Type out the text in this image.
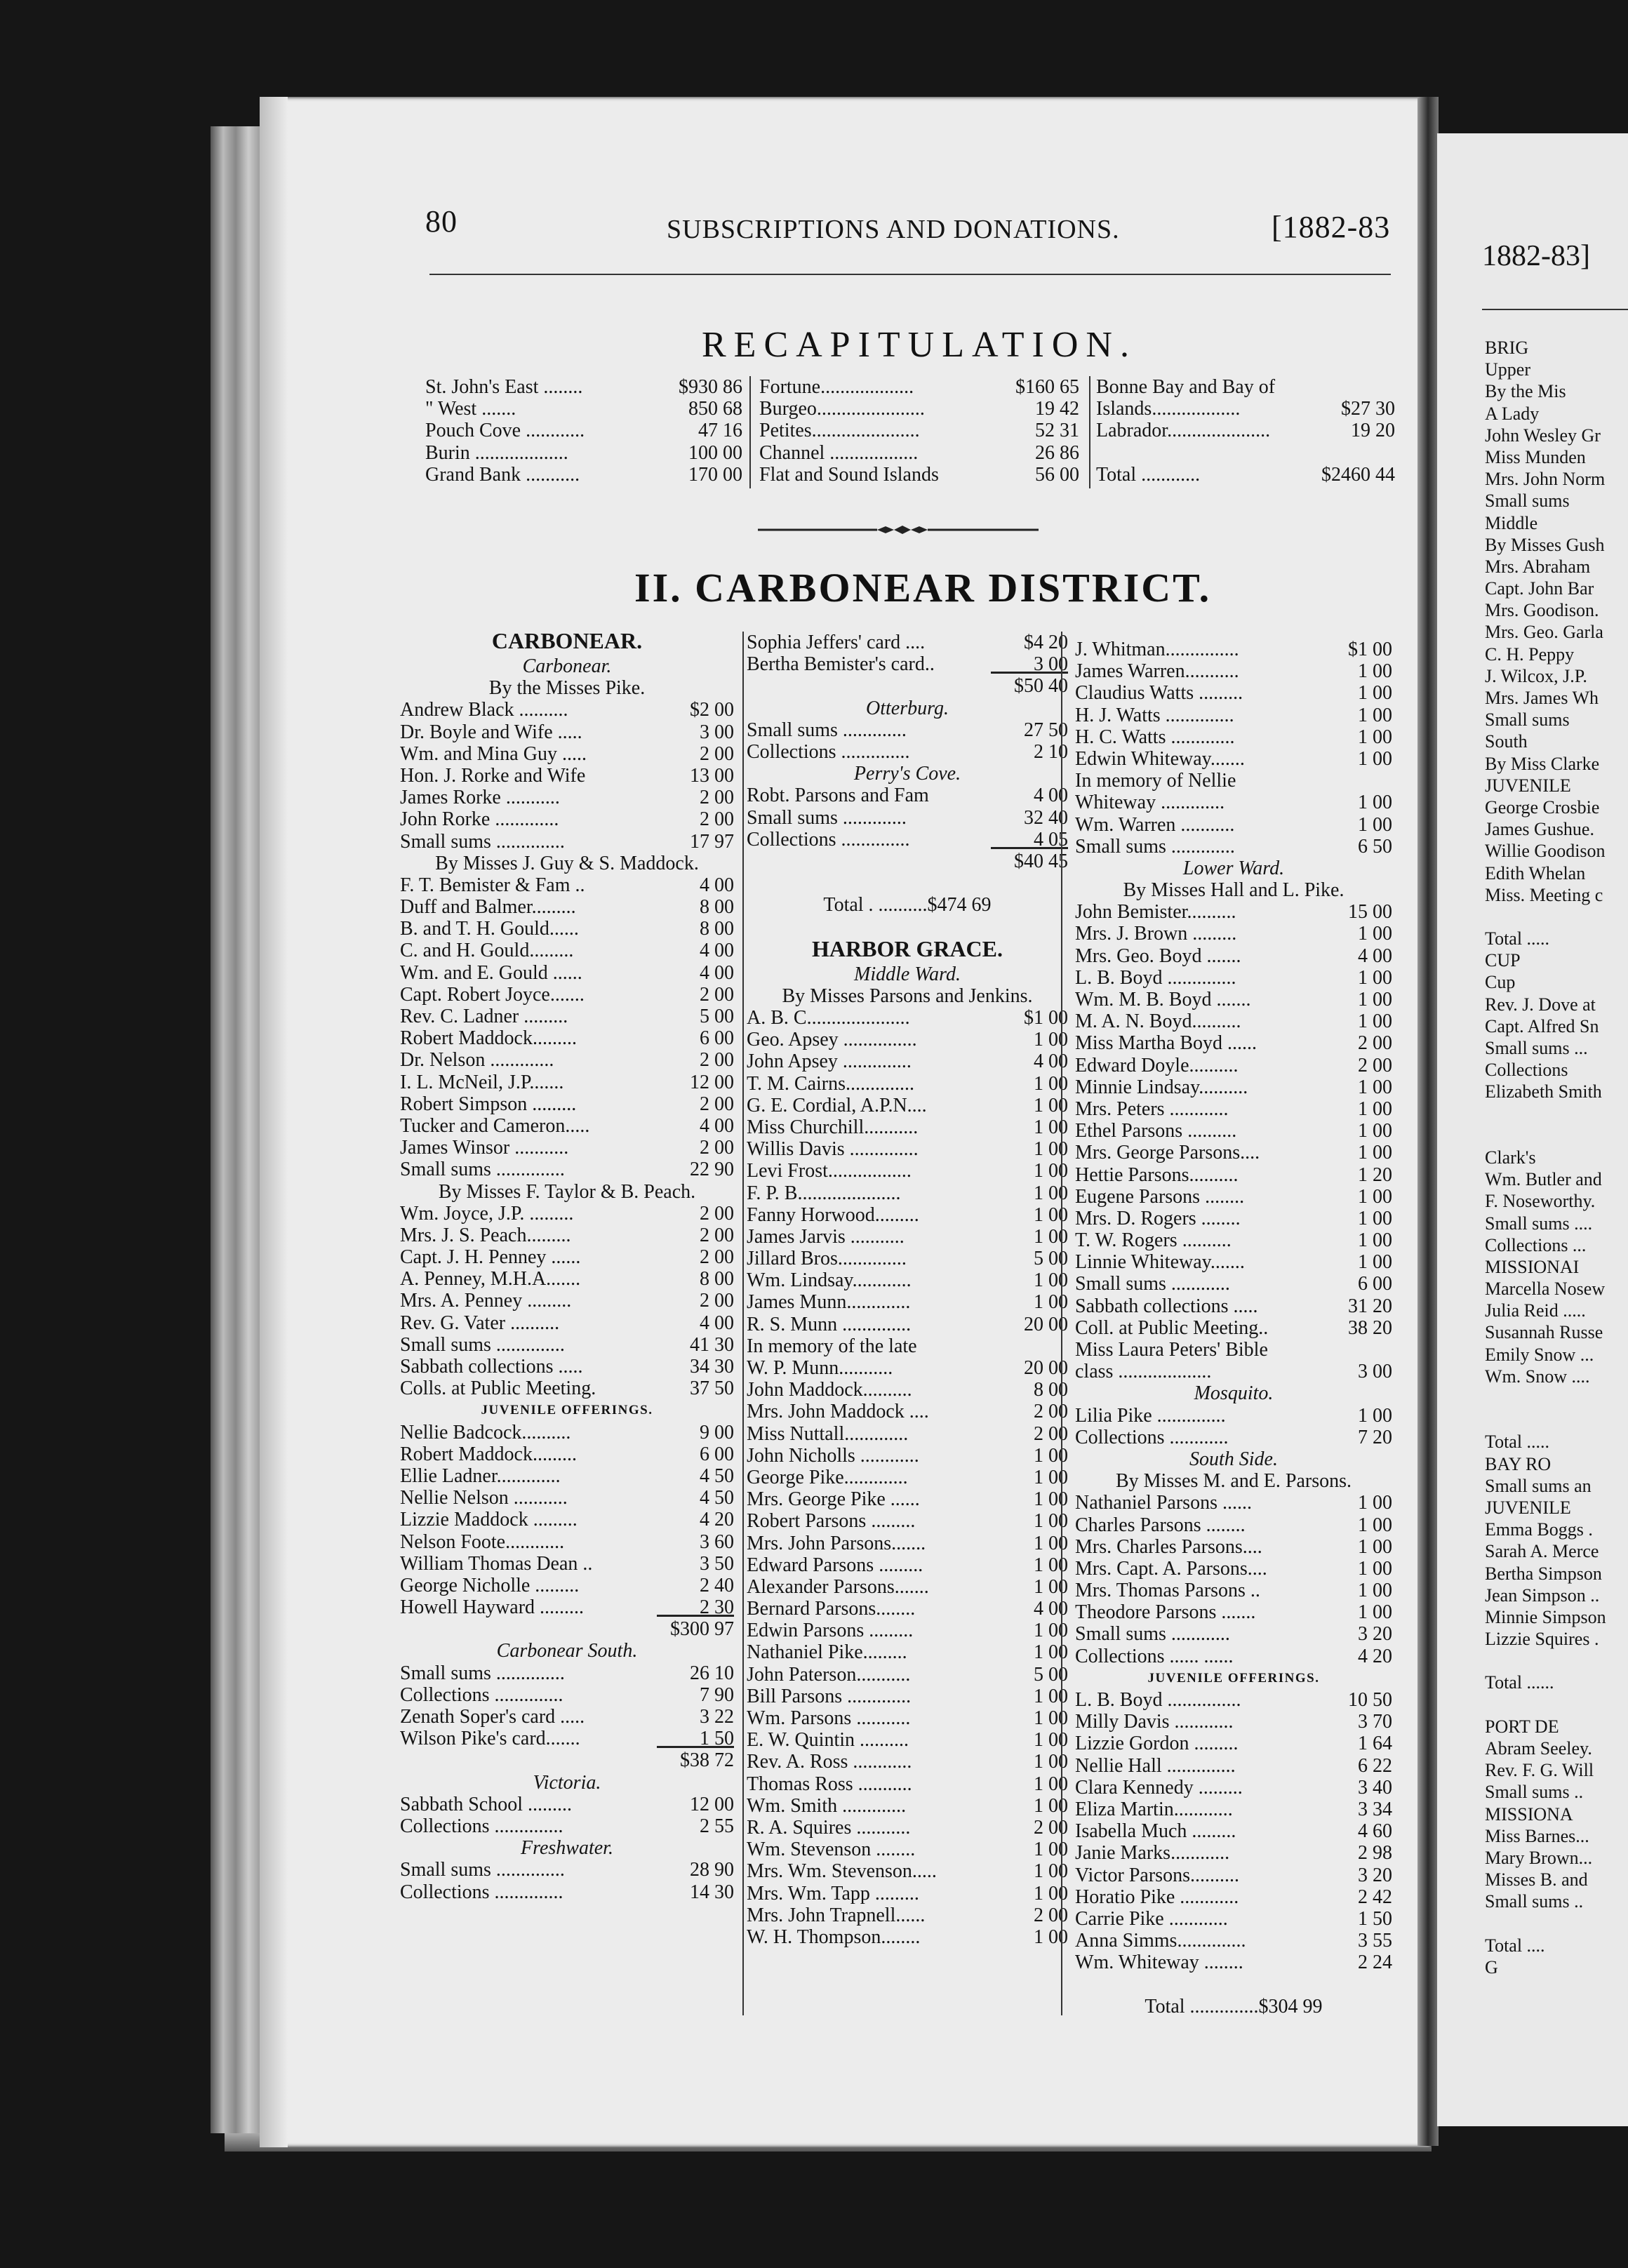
80	SUBSCRIPTIONS AND DONATIONS.	[1882-83
RECAPITULATION.
St. John's East ........	$930 86
" West .......	850 68
Pouch Cove ............	47 16
Burin ...................	100 00
Grand Bank ...........	170 00
Fortune...................	$160 65
Burgeo......................	19 42
Petites......................	52 31
Channel ..................	26 86
Flat and Sound Islands	56 00
Bonne Bay and Bay of
Islands..................	$27 30
Labrador.....................	19 20
Total ............	$2460 44
II. CARBONEAR DISTRICT.
CARBONEAR.
Carbonear.
By the Misses Pike.
Andrew Black ..........	$2 00
Dr. Boyle and Wife .....	3 00
Wm. and Mina Guy .....	2 00
Hon. J. Rorke and Wife	13 00
James Rorke ...........	2 00
John Rorke .............	2 00
Small sums ..............	17 97
By Misses J. Guy & S. Maddock.
F. T. Bemister & Fam ..	4 00
Duff and Balmer.........	8 00
B. and T. H. Gould......	8 00
C. and H. Gould.........	4 00
Wm. and E. Gould ......	4 00
Capt. Robert Joyce.......	2 00
Rev. C. Ladner .........	5 00
Robert Maddock.........	6 00
Dr. Nelson .............	2 00
I. L. McNeil, J.P.......	12 00
Robert Simpson .........	2 00
Tucker and Cameron.....	4 00
James Winsor ...........	2 00
Small sums ..............	22 90
By Misses F. Taylor & B. Peach.
Wm. Joyce, J.P. .........	2 00
Mrs. J. S. Peach.........	2 00
Capt. J. H. Penney ......	2 00
A. Penney, M.H.A.......	8 00
Mrs. A. Penney .........	2 00
Rev. G. Vater ..........	4 00
Small sums ..............	41 30
Sabbath collections .....	34 30
Colls. at Public Meeting.	37 50
JUVENILE OFFERINGS.
Nellie Badcock..........	9 00
Robert Maddock.........	6 00
Ellie Ladner.............	4 50
Nellie Nelson ...........	4 50
Lizzie Maddock .........	4 20
Nelson Foote............	3 60
William Thomas Dean ..	3 50
George Nicholle .........	2 40
Howell Hayward .........	2 30
$300 97
Carbonear South.
Small sums ..............	26 10
Collections ..............	7 90
Zenath Soper's card .....	3 22
Wilson Pike's card.......	1 50
$38 72
Victoria.
Sabbath School .........	12 00
Collections ..............	2 55
Freshwater.
Small sums ..............	28 90
Collections ..............	14 30
Sophia Jeffers' card ....	$4 20
Bertha Bemister's card..	3 00
$50 40
Otterburg.
Small sums .............	27 50
Collections ..............	2 10
Perry's Cove.
Robt. Parsons and Fam	4 00
Small sums .............	32 40
Collections ..............	4 05
$40 45
Total . ..........$474 69
HARBOR GRACE.
Middle Ward.
By Misses Parsons and Jenkins.
A. B. C.....................	$1 00
Geo. Apsey ...............	1 00
John Apsey ..............	4 00
T. M. Cairns..............	1 00
G. E. Cordial, A.P.N....	1 00
Miss Churchill...........	1 00
Willis Davis ..............	1 00
Levi Frost.................	1 00
F. P. B.....................	1 00
Fanny Horwood.........	1 00
James Jarvis ...........	1 00
Jillard Bros..............	5 00
Wm. Lindsay............	1 00
James Munn.............	1 00
R. S. Munn ..............	20 00
In memory of the late
W. P. Munn...........	20 00
John Maddock..........	8 00
Mrs. John Maddock ....	2 00
Miss Nuttall.............	2 00
John Nicholls ............	1 00
George Pike.............	1 00
Mrs. George Pike ......	1 00
Robert Parsons .........	1 00
Mrs. John Parsons.......	1 00
Edward Parsons .........	1 00
Alexander Parsons.......	1 00
Bernard Parsons........	4 00
Edwin Parsons .........	1 00
Nathaniel Pike.........	1 00
John Paterson...........	5 00
Bill Parsons .............	1 00
Wm. Parsons ...........	1 00
E. W. Quintin ..........	1 00
Rev. A. Ross ............	1 00
Thomas Ross ...........	1 00
Wm. Smith .............	1 00
R. A. Squires ...........	2 00
Wm. Stevenson ........	1 00
Mrs. Wm. Stevenson.....	1 00
Mrs. Wm. Tapp .........	1 00
Mrs. John Trapnell......	2 00
W. H. Thompson........	1 00
J. Whitman...............	$1 00
James Warren...........	1 00
Claudius Watts .........	1 00
H. J. Watts ..............	1 00
H. C. Watts .............	1 00
Edwin Whiteway.......	1 00
In memory of Nellie
Whiteway .............	1 00
Wm. Warren ...........	1 00
Small sums .............	6 50
Lower Ward.
By Misses Hall and L. Pike.
John Bemister..........	15 00
Mrs. J. Brown .........	1 00
Mrs. Geo. Boyd .......	4 00
L. B. Boyd ..............	1 00
Wm. M. B. Boyd .......	1 00
M. A. N. Boyd..........	1 00
Miss Martha Boyd ......	2 00
Edward Doyle..........	2 00
Minnie Lindsay..........	1 00
Mrs. Peters ............	1 00
Ethel Parsons ..........	1 00
Mrs. George Parsons....	1 00
Hettie Parsons..........	1 20
Eugene Parsons ........	1 00
Mrs. D. Rogers ........	1 00
T. W. Rogers ..........	1 00
Linnie Whiteway.......	1 00
Small sums ............	6 00
Sabbath collections .....	31 20
Coll. at Public Meeting..	38 20
Miss Laura Peters' Bible
class ...................	3 00
Mosquito.
Lilia Pike ..............	1 00
Collections ............	7 20
South Side.
By Misses M. and E. Parsons.
Nathaniel Parsons ......	1 00
Charles Parsons ........	1 00
Mrs. Charles Parsons....	1 00
Mrs. Capt. A. Parsons....	1 00
Mrs. Thomas Parsons ..	1 00
Theodore Parsons .......	1 00
Small sums ............	3 20
Collections ...... ......	4 20
JUVENILE OFFERINGS.
L. B. Boyd ...............	10 50
Milly Davis ............	3 70
Lizzie Gordon .........	1 64
Nellie Hall ..............	6 22
Clara Kennedy .........	3 40
Eliza Martin............	3 34
Isabella Much .........	4 60
Janie Marks............	2 98
Victor Parsons..........	3 20
Horatio Pike ............	2 42
Carrie Pike ............	1 50
Anna Simms..............	3 55
Wm. Whiteway ........	2 24
Total ..............$304 99
1882-83]
BRIG
Upper
By the Mis
A Lady
John Wesley Gr
Miss Munden
Mrs. John Norm
Small sums
Middle
By Misses Gush
Mrs. Abraham
Capt. John Bar
Mrs. Goodison.
Mrs. Geo. Garla
C. H. Peppy
J. Wilcox, J.P.
Mrs. James Wh
Small sums
South
By Miss Clarke
JUVENILE
George Crosbie
James Gushue.
Willie Goodison
Edith Whelan
Miss. Meeting c
Total .....
CUP
Cup
Rev. J. Dove at
Capt. Alfred Sn
Small sums ...
Collections
Elizabeth Smith
Clark's
Wm. Butler and
F. Noseworthy.
Small sums ....
Collections ...
MISSIONAI
Marcella Nosew
Julia Reid .....
Susannah Russe
Emily Snow ...
Wm. Snow ....
Total .....
BAY RO
Small sums an
JUVENILE
Emma Boggs .
Sarah A. Merce
Bertha Simpson
Jean Simpson ..
Minnie Simpson
Lizzie Squires .
Total ......
PORT DE
Abram Seeley.
Rev. F. G. Will
Small sums ..
MISSIONA
Miss Barnes...
Mary Brown...
Misses B. and
Small sums ..
Total ....
G
